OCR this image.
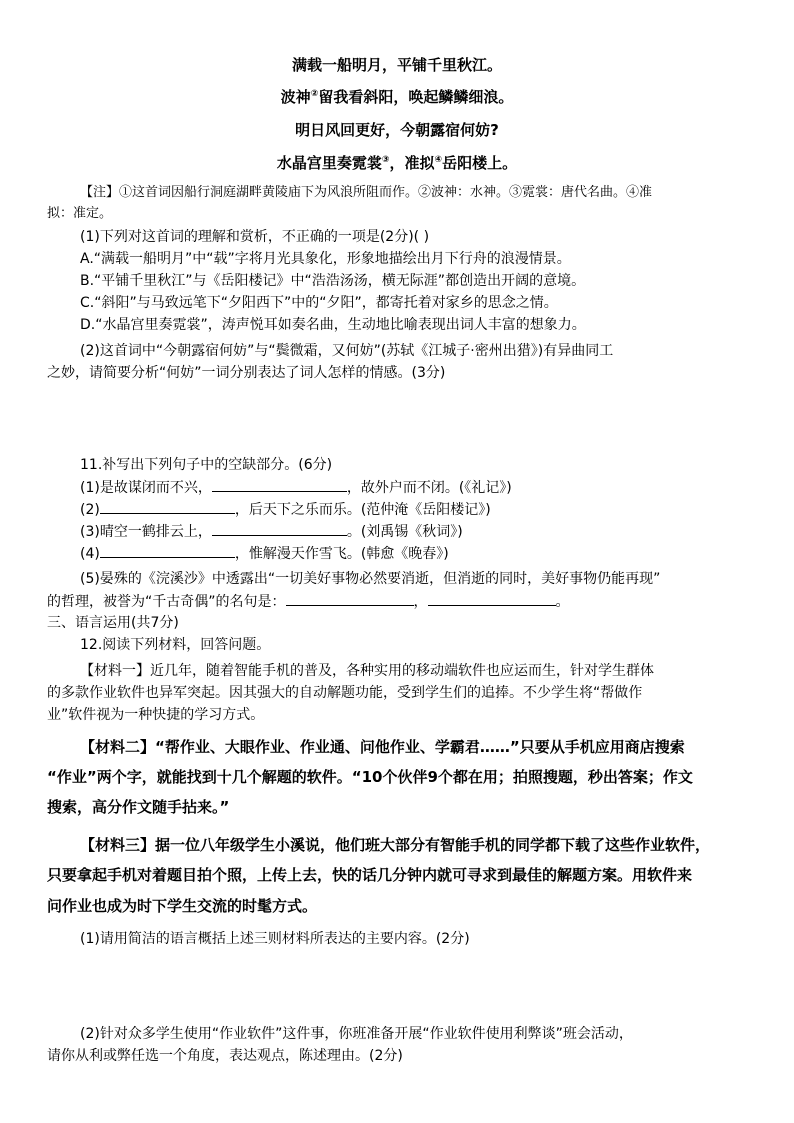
满载一船明月，平铺千里秋江。
波神②留我看斜阳，唤起鳞鳞细浪。
明日风回更好，今朝露宿何妨?
水晶宫里奏霓裳③，准拟④岳阳楼上。
【注】①这首词因船行洞庭湖畔黄陵庙下为风浪所阻而作。②波神：水神。③霓裳：唐代名曲。④准
拟：准定。
(1)下列对这首词的理解和赏析，不正确的一项是(2分)( )
A.“满载一船明月”中“载”字将月光具象化，形象地描绘出月下行舟的浪漫情景。
B.“平铺千里秋江”与《岳阳楼记》中“浩浩汤汤，横无际涯”都创造出开阔的意境。
C.“斜阳”与马致远笔下“夕阳西下”中的“夕阳”，都寄托着对家乡的思念之情。
D.“水晶宫里奏霓裳”，涛声悦耳如奏名曲，生动地比喻表现出词人丰富的想象力。
(2)这首词中“今朝露宿何妨”与“鬓微霜，又何妨”(苏轼《江城子·密州出猎》)有异曲同工
之妙，请简要分析“何妨”一词分别表达了词人怎样的情感。(3分)
11.补写出下列句子中的空缺部分。(6分)
(1)是故谋闭而不兴，	，故外户而不闭。(《礼记》)
(2)	，后天下之乐而乐。(范仲淹《岳阳楼记》)
(3)晴空一鹤排云上，	。(刘禹锡《秋词》)
(4)	，惟解漫天作雪飞。(韩愈《晚春》)
(5)晏殊的《浣溪沙》中透露出“一切美好事物必然要消逝，但消逝的同时，美好事物仍能再现”
的哲理，被誉为“千古奇偶”的名句是：	，	。
三、语言运用(共7分)
12.阅读下列材料，回答问题。
【材料一】近几年，随着智能手机的普及，各种实用的移动端软件也应运而生，针对学生群体
的多款作业软件也异军突起。因其强大的自动解题功能，受到学生们的追捧。不少学生将“帮做作
业”软件视为一种快捷的学习方式。
【材料二】“帮作业、大眼作业、作业通、问他作业、学霸君……”只要从手机应用商店搜索
“作业”两个字，就能找到十几个解题的软件。“10个伙伴9个都在用；拍照搜题，秒出答案；作文
搜索，高分作文随手拈来。”
【材料三】据一位八年级学生小溪说，他们班大部分有智能手机的同学都下载了这些作业软件，
只要拿起手机对着题目拍个照，上传上去，快的话几分钟内就可寻求到最佳的解题方案。用软件来
问作业也成为时下学生交流的时髦方式。
(1)请用简洁的语言概括上述三则材料所表达的主要内容。(2分)
(2)针对众多学生使用“作业软件”这件事，你班准备开展“作业软件使用利弊谈”班会活动，
请你从利或弊任选一个角度，表达观点，陈述理由。(2分)
